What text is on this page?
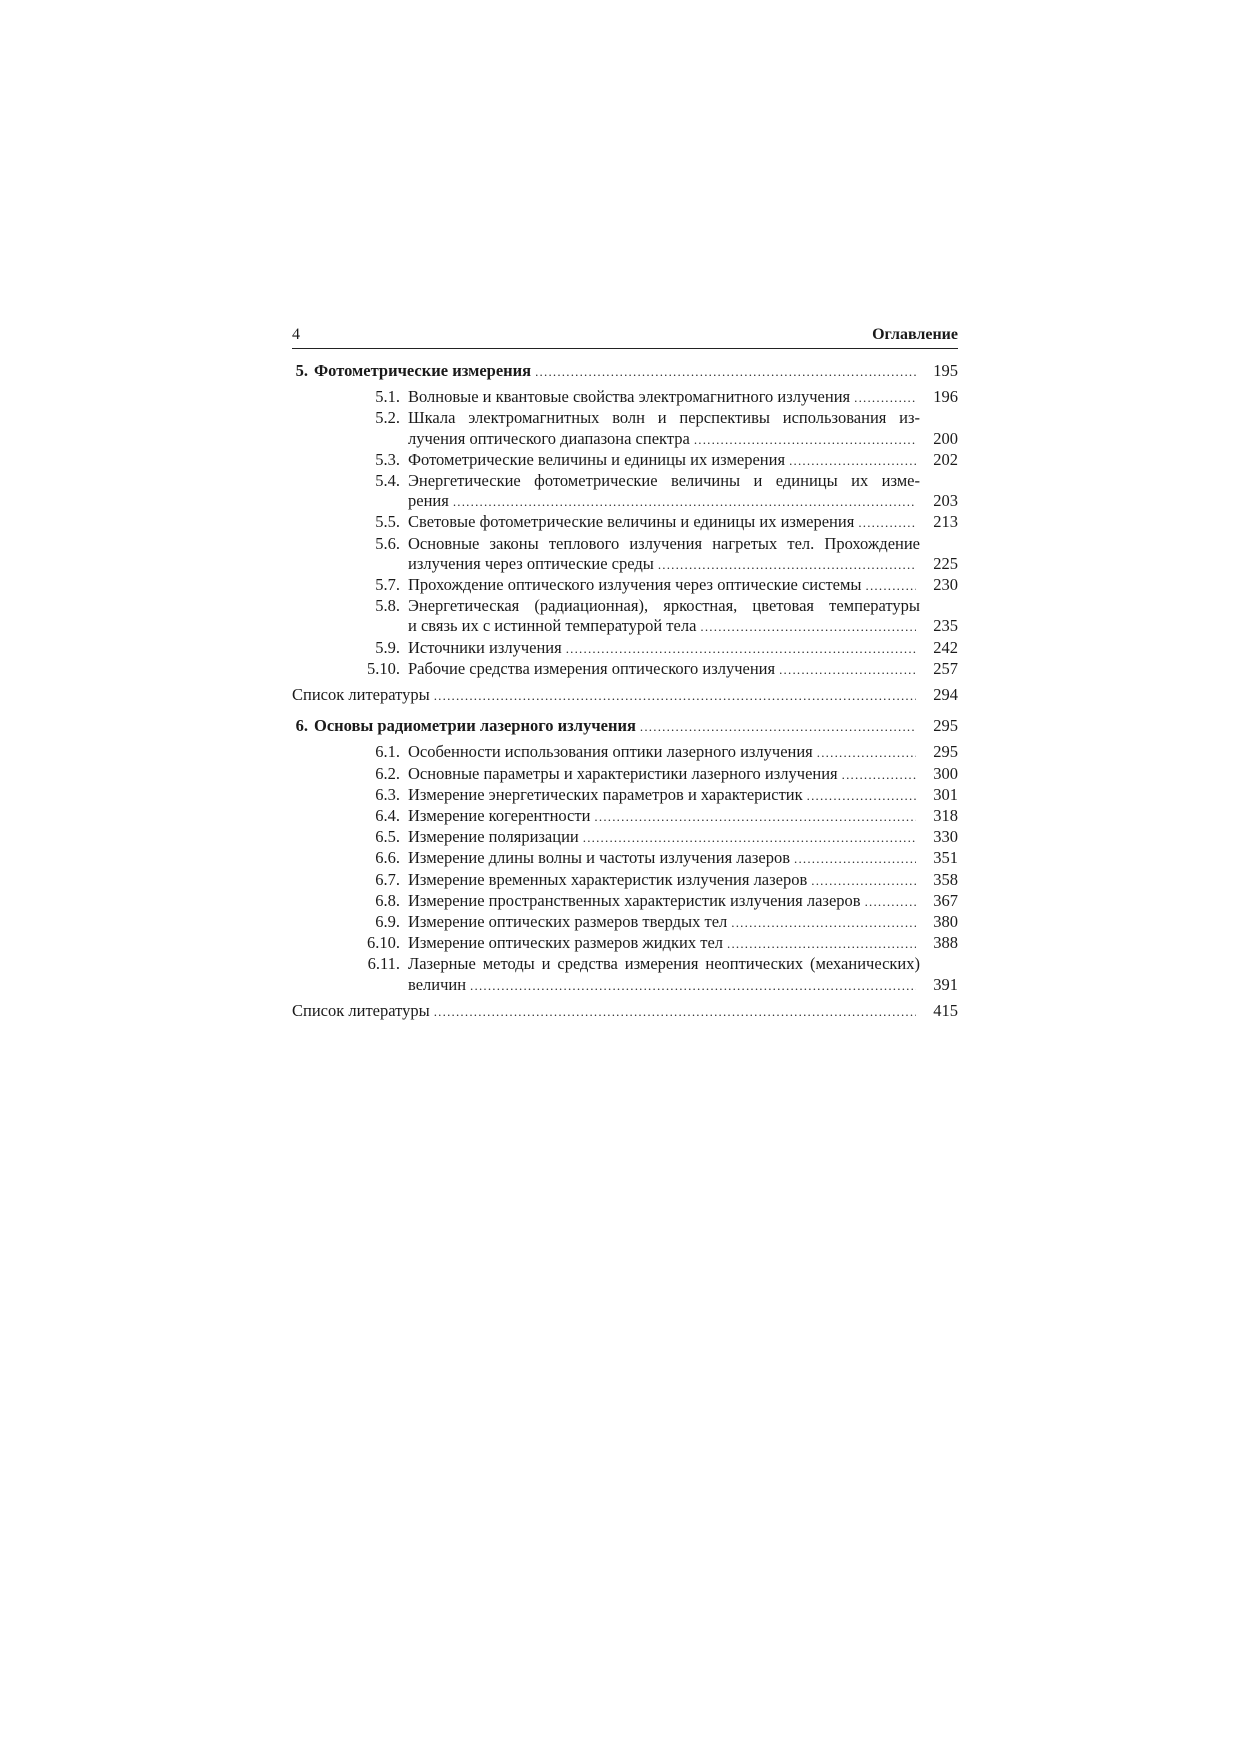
4	Оглавление
5. Фотометрические измерения .....	195
5.1. Волновые и квантовые свойства электромагнитного излучения .....	196
5.2. Шкала электромагнитных волн и перспективы использования из-
лучения оптического диапазона спектра .....	200
5.3. Фотометрические величины и единицы их измерения .....	202
5.4. Энергетические фотометрические величины и единицы их изме-
рения .....	203
5.5. Световые фотометрические величины и единицы их измерения .....	213
5.6. Основные законы теплового излучения нагретых тел. Прохождение
излучения через оптические среды .....	225
5.7. Прохождение оптического излучения через оптические системы .....	230
5.8. Энергетическая (радиационная), яркостная, цветовая температуры
и связь их с истинной температурой тела .....	235
5.9. Источники излучения .....	242
5.10. Рабочие средства измерения оптического излучения .....	257
Список литературы .....	294
6. Основы радиометрии лазерного излучения .....	295
6.1. Особенности использования оптики лазерного излучения .....	295
6.2. Основные параметры и характеристики лазерного излучения .....	300
6.3. Измерение энергетических параметров и характеристик .....	301
6.4. Измерение когерентности .....	318
6.5. Измерение поляризации .....	330
6.6. Измерение длины волны и частоты излучения лазеров .....	351
6.7. Измерение временных характеристик излучения лазеров .....	358
6.8. Измерение пространственных характеристик излучения лазеров .....	367
6.9. Измерение оптических размеров твердых тел .....	380
6.10. Измерение оптических размеров жидких тел .....	388
6.11. Лазерные методы и средства измерения неоптических (механических)
величин .....	391
Список литературы .....	415
